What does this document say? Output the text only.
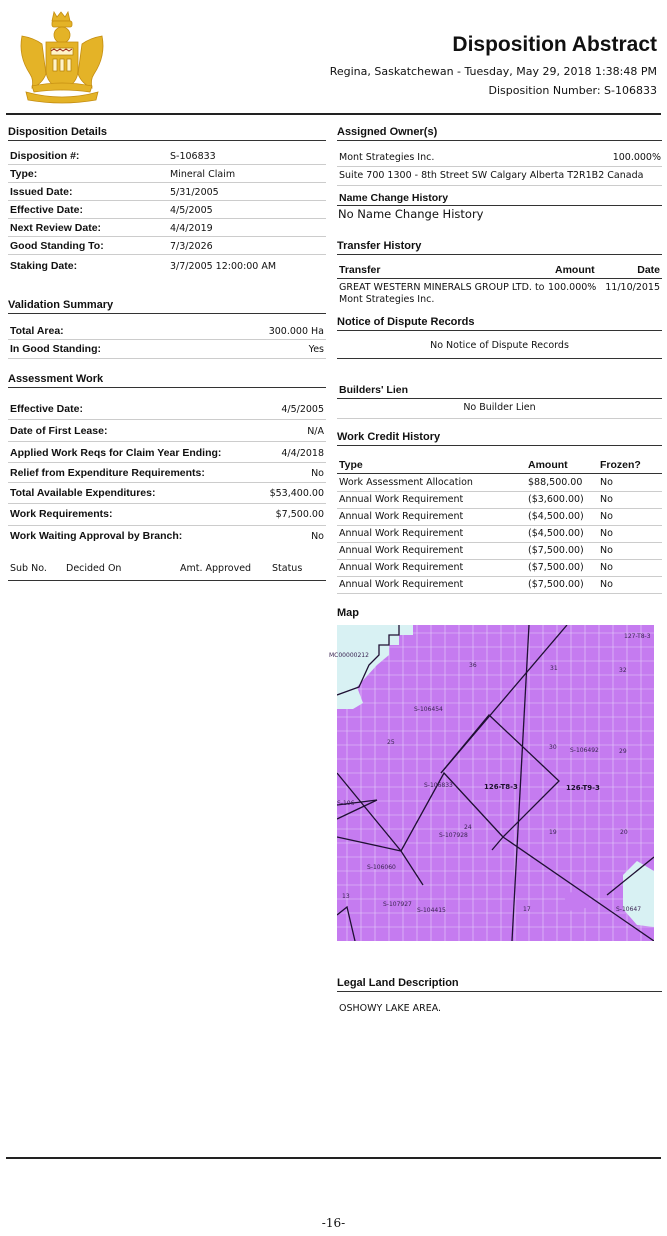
Disposition Abstract
Regina, Saskatchewan - Tuesday, May 29, 2018 1:38:48 PM
Disposition Number: S-106833
Disposition Details
Disposition #:	S-106833
Type:	Mineral Claim
Issued Date:	5/31/2005
Effective Date:	4/5/2005
Next Review Date:	4/4/2019
Good Standing To:	7/3/2026
Staking Date:	3/7/2005 12:00:00 AM
Validation Summary
Total Area:	300.000 Ha
In Good Standing:	Yes
Assessment Work
Effective Date:	4/5/2005
Date of First Lease:	N/A
Applied Work Reqs for Claim Year Ending:	4/4/2018
Relief from Expenditure Requirements:	No
Total Available Expenditures:	$53,400.00
Work Requirements:	$7,500.00
Work Waiting Approval by Branch:	No
Sub No. Decided On	Amt. Approved Status
Assigned Owner(s)
Mont Strategies Inc.	100.000%
Suite 700 1300 - 8th Street SW Calgary Alberta T2R1B2 Canada
Name Change History
No Name Change History
Transfer History
Transfer	Amount	Date
GREAT WESTERN MINERALS GROUP LTD. to
Mont Strategies Inc.
100.000% 11/10/2015
Notice of Dispute Records
No Notice of Dispute Records
Builders' Lien
No Builder Lien
Work Credit History
Type	Amount	Frozen?
Work Assessment Allocation	$88,500.00 No
Annual Work Requirement	($3,600.00) No
Annual Work Requirement	($4,500.00) No
Annual Work Requirement	($4,500.00) No
Annual Work Requirement	($7,500.00) No
Annual Work Requirement	($7,500.00) No
Annual Work Requirement	($7,500.00) No
Map
127-T8-3
MC00000212
36	31	32
S-106454
25
30 S-106492	29
126-T9-3
S-106833	126-T8-3
S-106
24
S-107928	19	20
S-106060
13
S-107927
S-104415	17	S-10647
Legal Land Description
OSHOWY LAKE AREA.
-16-
